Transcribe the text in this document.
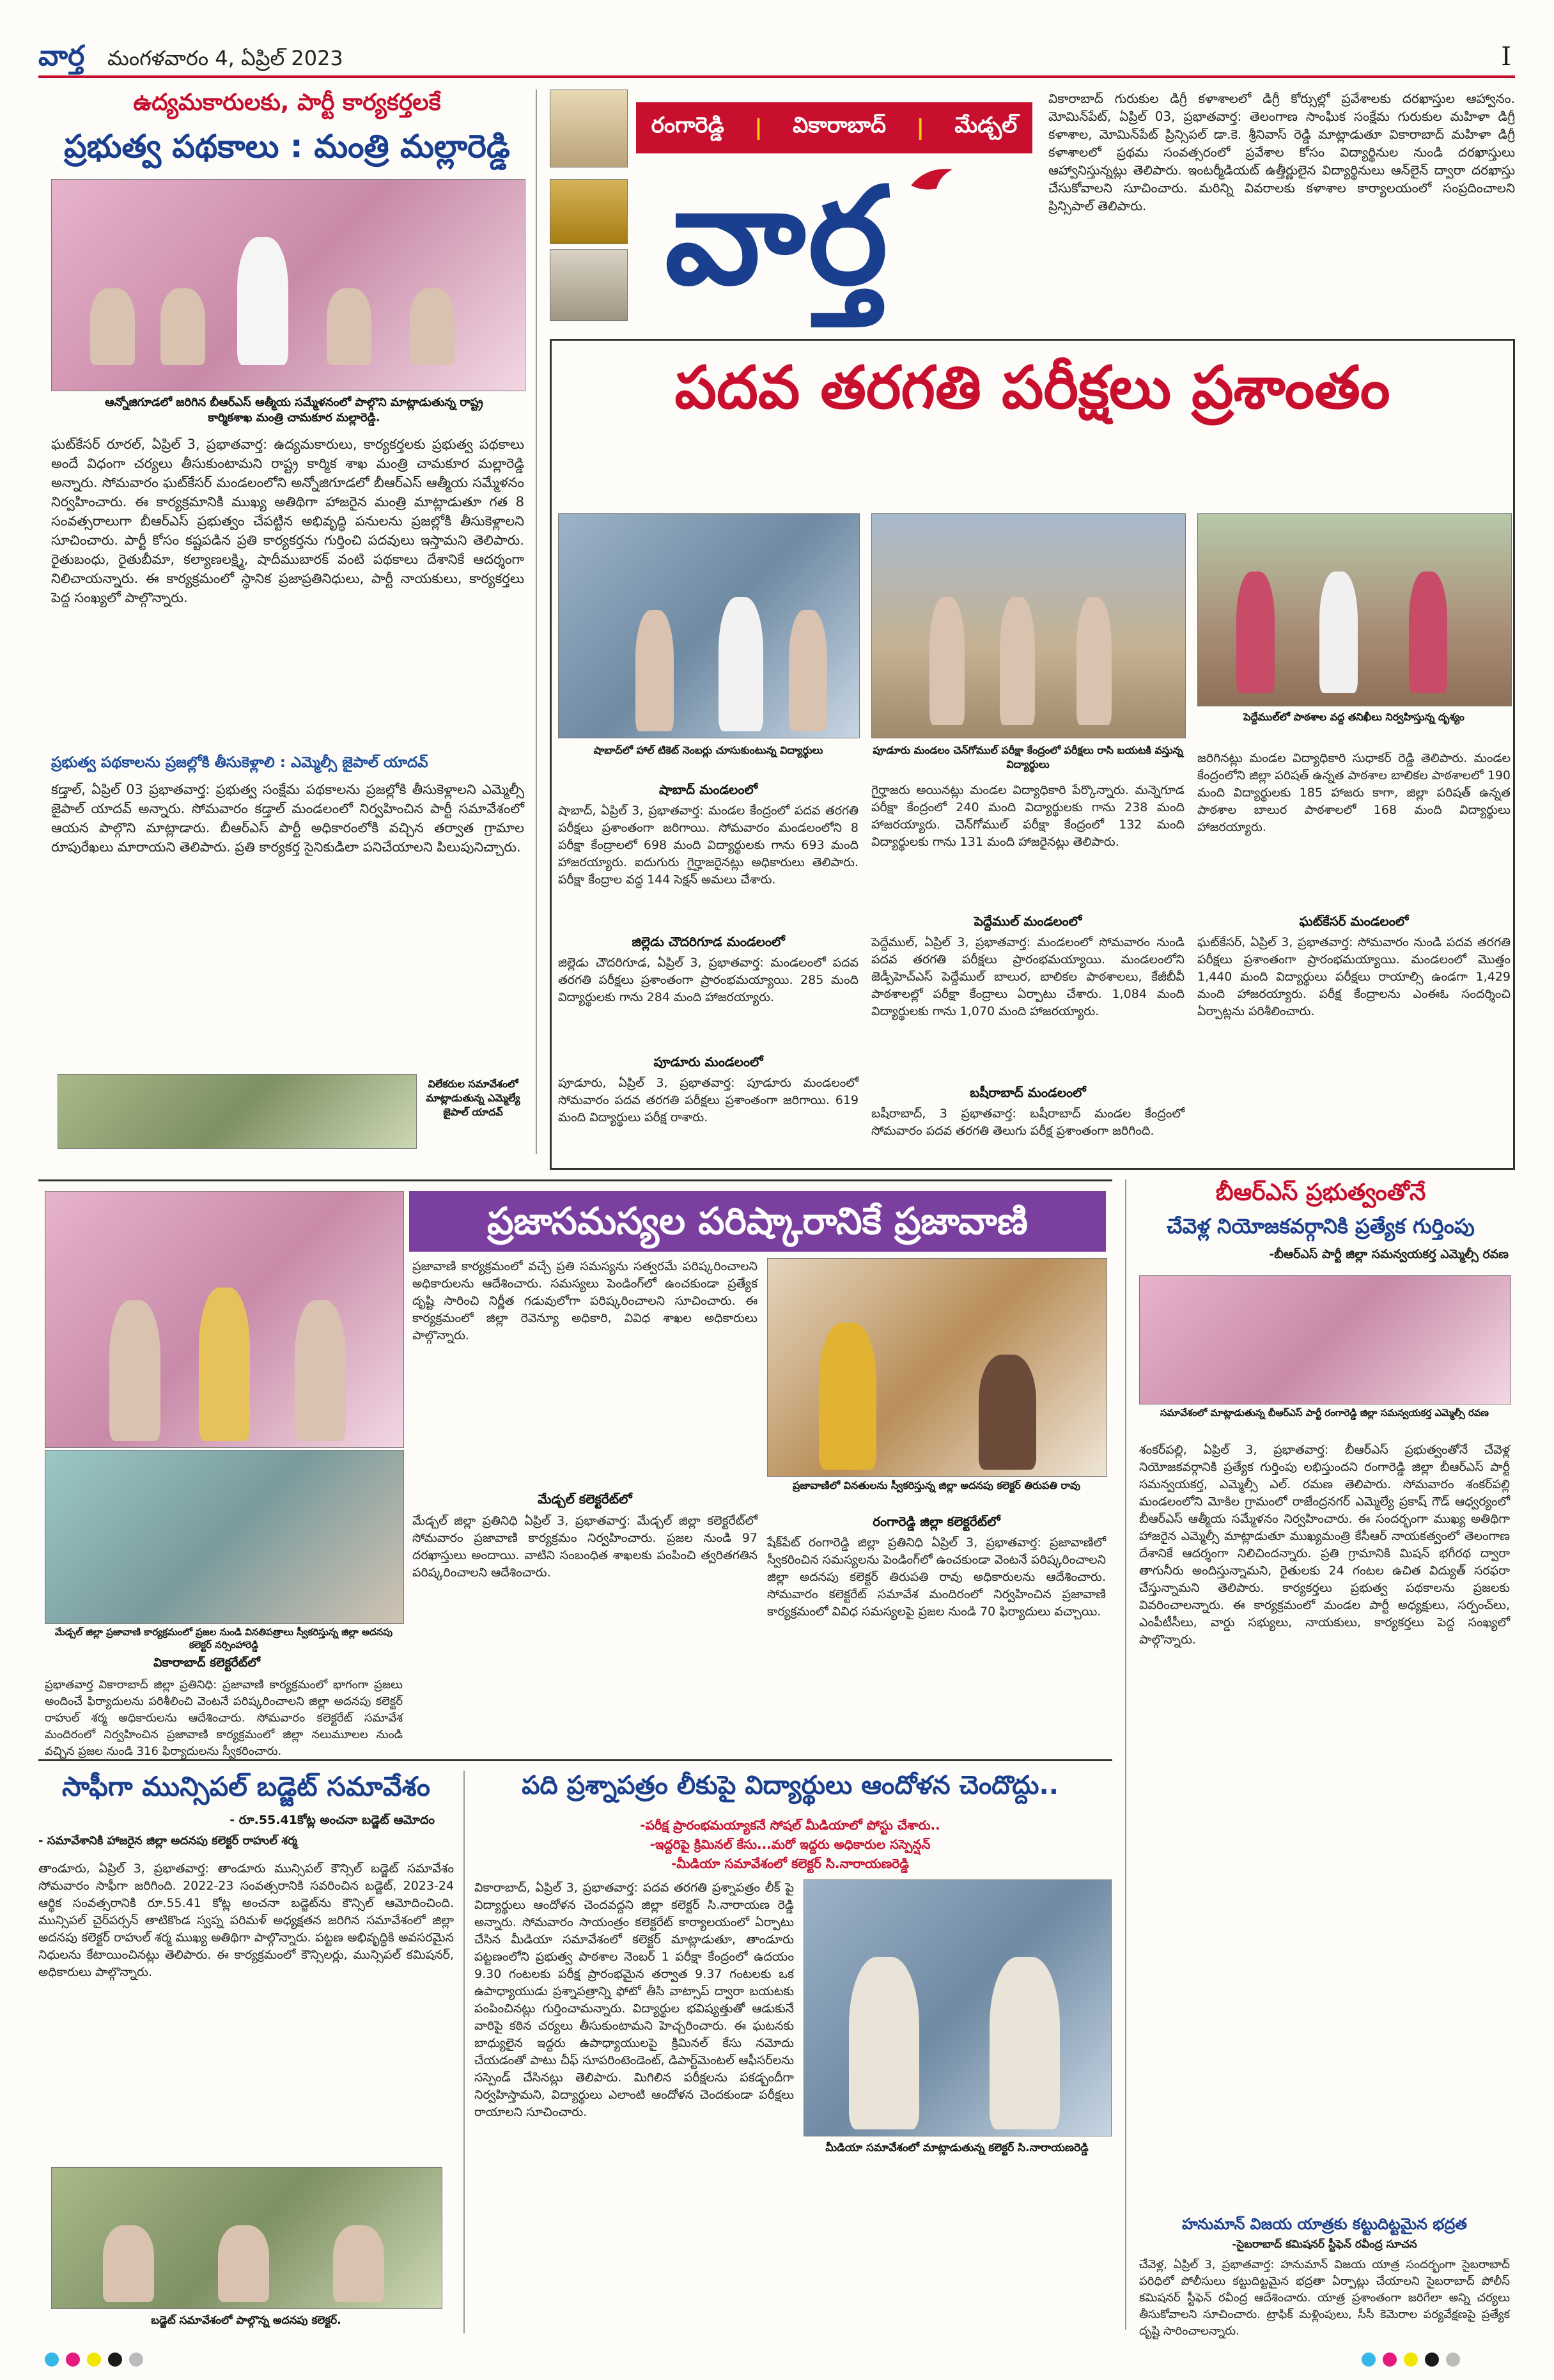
వార్త మంగళవారం 4, ఏప్రిల్ 2023	I
ఉద్యమకారులకు, పార్టీ కార్యకర్తలకే
ప్రభుత్వ పథకాలు : మంత్రి మల్లారెడ్డి
ఆన్నోజిగూడలో జరిగిన బీఆర్ఎస్ ఆత్మీయ సమ్మేళనంలో పాల్గొని మాట్లాడుతున్న రాష్ట్ర కార్మికశాఖ మంత్రి చామకూర మల్లారెడ్డి.
ఘట్‌కేసర్ రూరల్, ఏప్రిల్ 3, ప్రభాతవార్త: ఉద్యమకారులు, కార్యకర్తలకు ప్రభుత్వ పథకాలు అందే విధంగా చర్యలు తీసుకుంటామని రాష్ట్ర కార్మిక శాఖ మంత్రి చామకూర మల్లారెడ్డి అన్నారు. సోమవారం ఘట్‌కేసర్ మండలంలోని అన్నోజిగూడలో బీఆర్ఎస్ ఆత్మీయ సమ్మేళనం నిర్వహించారు. ఈ కార్యక్రమానికి ముఖ్య అతిథిగా హాజరైన మంత్రి మాట్లాడుతూ గత 8 సంవత్సరాలుగా బీఆర్ఎస్ ప్రభుత్వం చేపట్టిన అభివృద్ధి పనులను ప్రజల్లోకి తీసుకెళ్లాలని సూచించారు. పార్టీ కోసం కష్టపడిన ప్రతి కార్యకర్తను గుర్తించి పదవులు ఇస్తామని తెలిపారు. రైతుబంధు, రైతుబీమా, కల్యాణలక్ష్మి, షాదీముబారక్ వంటి పథకాలు దేశానికే ఆదర్శంగా నిలిచాయన్నారు. ఈ కార్యక్రమంలో స్థానిక ప్రజాప్రతినిధులు, పార్టీ నాయకులు, కార్యకర్తలు పెద్ద సంఖ్యలో పాల్గొన్నారు.
ప్రభుత్వ పథకాలను ప్రజల్లోకి తీసుకెళ్లాలి : ఎమ్మెల్సీ జైపాల్ యాదవ్
కడ్తాల్, ఏప్రిల్ 03 ప్రభాతవార్త: ప్రభుత్వ సంక్షేమ పథకాలను ప్రజల్లోకి తీసుకెళ్లాలని ఎమ్మెల్సీ జైపాల్ యాదవ్ అన్నారు. సోమవారం కడ్తాల్ మండలంలో నిర్వహించిన పార్టీ సమావేశంలో ఆయన పాల్గొని మాట్లాడారు. బీఆర్ఎస్ పార్టీ అధికారంలోకి వచ్చిన తర్వాత గ్రామాల రూపురేఖలు మారాయని తెలిపారు. ప్రతి కార్యకర్త సైనికుడిలా పనిచేయాలని పిలుపునిచ్చారు.
విలేకరుల సమావేశంలో మాట్లాడుతున్న ఎమ్మెల్యే జైపాల్ యాదవ్
రంగారెడ్డి | వికారాబాద్ | మేడ్చల్
వార్త
వికారాబాద్ గురుకుల డిగ్రీ కళాశాలలో డిగ్రీ కోర్సుల్లో ప్రవేశాలకు దరఖాస్తుల ఆహ్వానం. మోమిన్‌పేట్, ఏప్రిల్ 03, ప్రభాతవార్త: తెలంగాణ సాంఘిక సంక్షేమ గురుకుల మహిళా డిగ్రీ కళాశాల, మోమిన్‌పేట్ ప్రిన్సిపల్ డా.కె. శ్రీనివాస్ రెడ్డి మాట్లాడుతూ వికారాబాద్ మహిళా డిగ్రీ కళాశాలలో ప్రథమ సంవత్సరంలో ప్రవేశాల కోసం విద్యార్థినుల నుండి దరఖాస్తులు ఆహ్వానిస్తున్నట్లు తెలిపారు. ఇంటర్మీడియట్ ఉత్తీర్ణులైన విద్యార్థినులు ఆన్‌లైన్ ద్వారా దరఖాస్తు చేసుకోవాలని సూచించారు. మరిన్ని వివరాలకు కళాశాల కార్యాలయంలో సంప్రదించాలని ప్రిన్సిపాల్ తెలిపారు.
పదవ తరగతి పరీక్షలు ప్రశాంతం
షాబాద్‌లో హాల్ టికెట్ నెంబర్లు చూసుకుంటున్న విద్యార్థులు	పూడూరు మండలం చెన్‌గోముల్ పరీక్షా కేంద్రంలో పరీక్షలు రాసి బయటకి వస్తున్న విద్యార్థులు
పెద్దేముల్‌లో పాఠశాల వద్ద తనిఖీలు నిర్వహిస్తున్న దృశ్యం
షాబాద్ మండలంలో
షాబాద్, ఏప్రిల్ 3, ప్రభాతవార్త: మండల కేంద్రంలో పదవ తరగతి పరీక్షలు ప్రశాంతంగా జరిగాయి. సోమవారం మండలంలోని 8 పరీక్షా కేంద్రాలలో 698 మంది విద్యార్థులకు గాను 693 మంది హాజరయ్యారు. ఐదుగురు గైర్హాజరైనట్లు అధికారులు తెలిపారు. పరీక్షా కేంద్రాల వద్ద 144 సెక్షన్ అమలు చేశారు.
జిల్లెడు చౌదరిగూడ మండలంలో
జిల్లెడు చౌదరిగూడ, ఏప్రిల్ 3, ప్రభాతవార్త: మండలంలో పదవ తరగతి పరీక్షలు ప్రశాంతంగా ప్రారంభమయ్యాయి. 285 మంది విద్యార్థులకు గాను 284 మంది హాజరయ్యారు.
పూడూరు మండలంలో
పూడూరు, ఏప్రిల్ 3, ప్రభాతవార్త: పూడూరు మండలంలో సోమవారం పదవ తరగతి పరీక్షలు ప్రశాంతంగా జరిగాయి. 619 మంది విద్యార్థులు పరీక్ష రాశారు.
గైర్హాజరు అయినట్లు మండల విద్యాధికారి పేర్కొన్నారు. మన్నెగూడ పరీక్షా కేంద్రంలో 240 మంది విద్యార్థులకు గాను 238 మంది హాజరయ్యారు. చెన్‌గోముల్ పరీక్షా కేంద్రంలో 132 మంది విద్యార్థులకు గాను 131 మంది హాజరైనట్లు తెలిపారు.
పెద్దేముల్ మండలంలో
పెద్దేముల్, ఏప్రిల్ 3, ప్రభాతవార్త: మండలంలో సోమవారం నుండి పదవ తరగతి పరీక్షలు ప్రారంభమయ్యాయి. మండలంలోని జెడ్పీహెచ్ఎస్ పెద్దేముల్ బాలుర, బాలికల పాఠశాలలు, కేజీబీవీ పాఠశాలల్లో పరీక్షా కేంద్రాలు ఏర్పాటు చేశారు. 1,084 మంది విద్యార్థులకు గాను 1,070 మంది హాజరయ్యారు.
బషీరాబాద్ మండలంలో
బషీరాబాద్, 3 ప్రభాతవార్త: బషీరాబాద్ మండల కేంద్రంలో సోమవారం పదవ తరగతి తెలుగు పరీక్ష ప్రశాంతంగా జరిగింది.
జరిగినట్లు మండల విద్యాధికారి సుధాకర్ రెడ్డి తెలిపారు. మండల కేంద్రంలోని జిల్లా పరిషత్ ఉన్నత పాఠశాల బాలికల పాఠశాలలో 190 మంది విద్యార్థులకు 185 హాజరు కాగా, జిల్లా పరిషత్ ఉన్నత పాఠశాల బాలుర పాఠశాలలో 168 మంది విద్యార్థులు హాజరయ్యారు.
ఘట్‌కేసర్ మండలంలో
ఘట్‌కేసర్, ఏప్రిల్ 3, ప్రభాతవార్త: సోమవారం నుండి పదవ తరగతి పరీక్షలు ప్రశాంతంగా ప్రారంభమయ్యాయి. మండలంలో మొత్తం 1,440 మంది విద్యార్థులు పరీక్షలు రాయాల్సి ఉండగా 1,429 మంది హాజరయ్యారు. పరీక్ష కేంద్రాలను ఎంఈఓ సందర్శించి ఏర్పాట్లను పరిశీలించారు.
మేడ్చల్ జిల్లా ప్రజావాణి కార్యక్రమంలో ప్రజల నుండి వినతిపత్రాలు స్వీకరిస్తున్న జిల్లా అదనపు కలెక్టర్ నర్సింహారెడ్డి
ప్రజాసమస్యల పరిష్కారానికే ప్రజావాణి
వికారాబాద్ కలెక్టరేట్‌లో
ప్రభాతవార్త వికారాబాద్ జిల్లా ప్రతినిధి: ప్రజావాణి కార్యక్రమంలో భాగంగా ప్రజలు అందించే ఫిర్యాదులను పరిశీలించి వెంటనే పరిష్కరించాలని జిల్లా అదనపు కలెక్టర్ రాహుల్ శర్మ అధికారులను ఆదేశించారు. సోమవారం కలెక్టరేట్ సమావేశ మందిరంలో నిర్వహించిన ప్రజావాణి కార్యక్రమంలో జిల్లా నలుమూలల నుండి వచ్చిన ప్రజల నుండి 316 ఫిర్యాదులను స్వీకరించారు.
ప్రజావాణి కార్యక్రమంలో వచ్చే ప్రతి సమస్యను సత్వరమే పరిష్కరించాలని అధికారులను ఆదేశించారు. సమస్యలు పెండింగ్‌లో ఉంచకుండా ప్రత్యేక దృష్టి సారించి నిర్ణీత గడువులోగా పరిష్కరించాలని సూచించారు. ఈ కార్యక్రమంలో జిల్లా రెవెన్యూ అధికారి, వివిధ శాఖల అధికారులు పాల్గొన్నారు.
మేడ్చల్ కలెక్టరేట్‌లో
మేడ్చల్ జిల్లా ప్రతినిధి ఏప్రిల్ 3, ప్రభాతవార్త: మేడ్చల్ జిల్లా కలెక్టరేట్‌లో సోమవారం ప్రజావాణి కార్యక్రమం నిర్వహించారు. ప్రజల నుండి 97 దరఖాస్తులు అందాయి. వాటిని సంబంధిత శాఖలకు పంపించి త్వరితగతిన పరిష్కరించాలని ఆదేశించారు.
ప్రజావాణిలో వినతులను స్వీకరిస్తున్న జిల్లా అదనపు కలెక్టర్ తిరుపతి రావు
రంగారెడ్డి జిల్లా కలెక్టరేట్‌లో
షేక్‌పేట్ రంగారెడ్డి జిల్లా ప్రతినిధి ఏప్రిల్ 3, ప్రభాతవార్త: ప్రజావాణిలో స్వీకరించిన సమస్యలను పెండింగ్‌లో ఉంచకుండా వెంటనే పరిష్కరించాలని జిల్లా అదనపు కలెక్టర్ తిరుపతి రావు అధికారులను ఆదేశించారు. సోమవారం కలెక్టరేట్ సమావేశ మందిరంలో నిర్వహించిన ప్రజావాణి కార్యక్రమంలో వివిధ సమస్యలపై ప్రజల నుండి 70 ఫిర్యాదులు వచ్చాయి.
బీఆర్ఎస్ ప్రభుత్వంతోనే
చేవెళ్ల నియోజకవర్గానికి ప్రత్యేక గుర్తింపు
-బీఆర్ఎస్ పార్టీ జిల్లా సమన్వయకర్త ఎమ్మెల్సీ రవణ
సమావేశంలో మాట్లాడుతున్న బీఆర్ఎస్ పార్టీ రంగారెడ్డి జిల్లా సమన్వయకర్త ఎమ్మెల్సీ రవణ
శంకర్‌పల్లి, ఏప్రిల్ 3, ప్రభాతవార్త: బీఆర్ఎస్ ప్రభుత్వంతోనే చేవెళ్ల నియోజకవర్గానికి ప్రత్యేక గుర్తింపు లభిస్తుందని రంగారెడ్డి జిల్లా బీఆర్ఎస్ పార్టీ సమన్వయకర్త, ఎమ్మెల్సీ ఎల్. రమణ తెలిపారు. సోమవారం శంకర్‌పల్లి మండలంలోని మోకిల గ్రామంలో రాజేంద్రనగర్ ఎమ్మెల్యే ప్రకాష్ గౌడ్ ఆధ్వర్యంలో బీఆర్ఎస్ ఆత్మీయ సమ్మేళనం నిర్వహించారు. ఈ సందర్భంగా ముఖ్య అతిథిగా హాజరైన ఎమ్మెల్సీ మాట్లాడుతూ ముఖ్యమంత్రి కేసీఆర్ నాయకత్వంలో తెలంగాణ దేశానికే ఆదర్శంగా నిలిచిందన్నారు. ప్రతి గ్రామానికి మిషన్ భగీరథ ద్వారా తాగునీరు అందిస్తున్నామని, రైతులకు 24 గంటల ఉచిత విద్యుత్ సరఫరా చేస్తున్నామని తెలిపారు. కార్యకర్తలు ప్రభుత్వ పథకాలను ప్రజలకు వివరించాలన్నారు. ఈ కార్యక్రమంలో మండల పార్టీ అధ్యక్షులు, సర్పంచ్‌లు, ఎంపీటీసీలు, వార్డు సభ్యులు, నాయకులు, కార్యకర్తలు పెద్ద సంఖ్యలో పాల్గొన్నారు.
హనుమాన్ విజయ యాత్రకు కట్టుదిట్టమైన భద్రత
-సైబరాబాద్ కమిషనర్ స్టీఫెన్ రవీంద్ర సూచన
చేవెళ్ల, ఏప్రిల్ 3, ప్రభాతవార్త: హనుమాన్ విజయ యాత్ర సందర్భంగా సైబరాబాద్ పరిధిలో పోలీసులు కట్టుదిట్టమైన భద్రతా ఏర్పాట్లు చేయాలని సైబరాబాద్ పోలీస్ కమిషనర్ స్టీఫెన్ రవీంద్ర ఆదేశించారు. యాత్ర ప్రశాంతంగా జరిగేలా అన్ని చర్యలు తీసుకోవాలని సూచించారు. ట్రాఫిక్ మళ్లింపులు, సీసీ కెమెరాల పర్యవేక్షణపై ప్రత్యేక దృష్టి సారించాలన్నారు.
సాఫీగా మున్సిపల్ బడ్జెట్ సమావేశం
- రూ.55.41కోట్ల అంచనా బడ్జెట్ ఆమోదం
- సమావేశానికి హాజరైన జిల్లా అదనపు కలెక్టర్ రాహుల్ శర్మ
తాండూరు, ఏప్రిల్ 3, ప్రభాతవార్త: తాండూరు మున్సిపల్ కౌన్సిల్ బడ్జెట్ సమావేశం సోమవారం సాఫీగా జరిగింది. 2022-23 సంవత్సరానికి సవరించిన బడ్జెట్, 2023-24 ఆర్థిక సంవత్సరానికి రూ.55.41 కోట్ల అంచనా బడ్జెట్‌ను కౌన్సిల్ ఆమోదించింది. మున్సిపల్ చైర్‌పర్సన్ తాటికొండ స్వప్న పరిమళ్ అధ్యక్షతన జరిగిన సమావేశంలో జిల్లా అదనపు కలెక్టర్ రాహుల్ శర్మ ముఖ్య అతిథిగా పాల్గొన్నారు. పట్టణ అభివృద్ధికి అవసరమైన నిధులను కేటాయించినట్లు తెలిపారు. ఈ కార్యక్రమంలో కౌన్సిలర్లు, మున్సిపల్ కమిషనర్, అధికారులు పాల్గొన్నారు.
బడ్జెట్ సమావేశంలో పాల్గొన్న అదనపు కలెక్టర్.
పది ప్రశ్నాపత్రం లీకుపై విద్యార్థులు ఆందోళన చెందొద్దు..
-పరీక్ష ప్రారంభమయ్యాకనే సోషల్ మీడియాలో పోస్టు చేశారు..
-ఇద్దరిపై క్రిమినల్ కేసు...మరో ఇద్దరు అధికారుల సస్పెన్షన్
-మీడియా సమావేశంలో కలెక్టర్ సి.నారాయణరెడ్డి
వికారాబాద్, ఏప్రిల్ 3, ప్రభాతవార్త: పదవ తరగతి ప్రశ్నాపత్రం లీక్ పై విద్యార్థులు ఆందోళన చెందవద్దని జిల్లా కలెక్టర్ సి.నారాయణ రెడ్డి అన్నారు. సోమవారం సాయంత్రం కలెక్టరేట్ కార్యాలయంలో ఏర్పాటు చేసిన మీడియా సమావేశంలో కలెక్టర్ మాట్లాడుతూ, తాండూరు పట్టణంలోని ప్రభుత్వ పాఠశాల నెంబర్ 1 పరీక్షా కేంద్రంలో ఉదయం 9.30 గంటలకు పరీక్ష ప్రారంభమైన తర్వాత 9.37 గంటలకు ఒక ఉపాధ్యాయుడు ప్రశ్నాపత్రాన్ని ఫోటో తీసి వాట్సాప్ ద్వారా బయటకు పంపించినట్లు గుర్తించామన్నారు. విద్యార్థుల భవిష్యత్తుతో ఆడుకునే వారిపై కఠిన చర్యలు తీసుకుంటామని హెచ్చరించారు. ఈ ఘటనకు బాధ్యులైన ఇద్దరు ఉపాధ్యాయులపై క్రిమినల్ కేసు నమోదు చేయడంతో పాటు చీఫ్ సూపరింటెండెంట్, డిపార్ట్‌మెంటల్ ఆఫీసర్‌లను సస్పెండ్ చేసినట్లు తెలిపారు. మిగిలిన పరీక్షలను పకడ్బందీగా నిర్వహిస్తామని, విద్యార్థులు ఎలాంటి ఆందోళన చెందకుండా పరీక్షలు రాయాలని సూచించారు.
మీడియా సమావేశంలో మాట్లాడుతున్న కలెక్టర్ సి.నారాయణరెడ్డి
